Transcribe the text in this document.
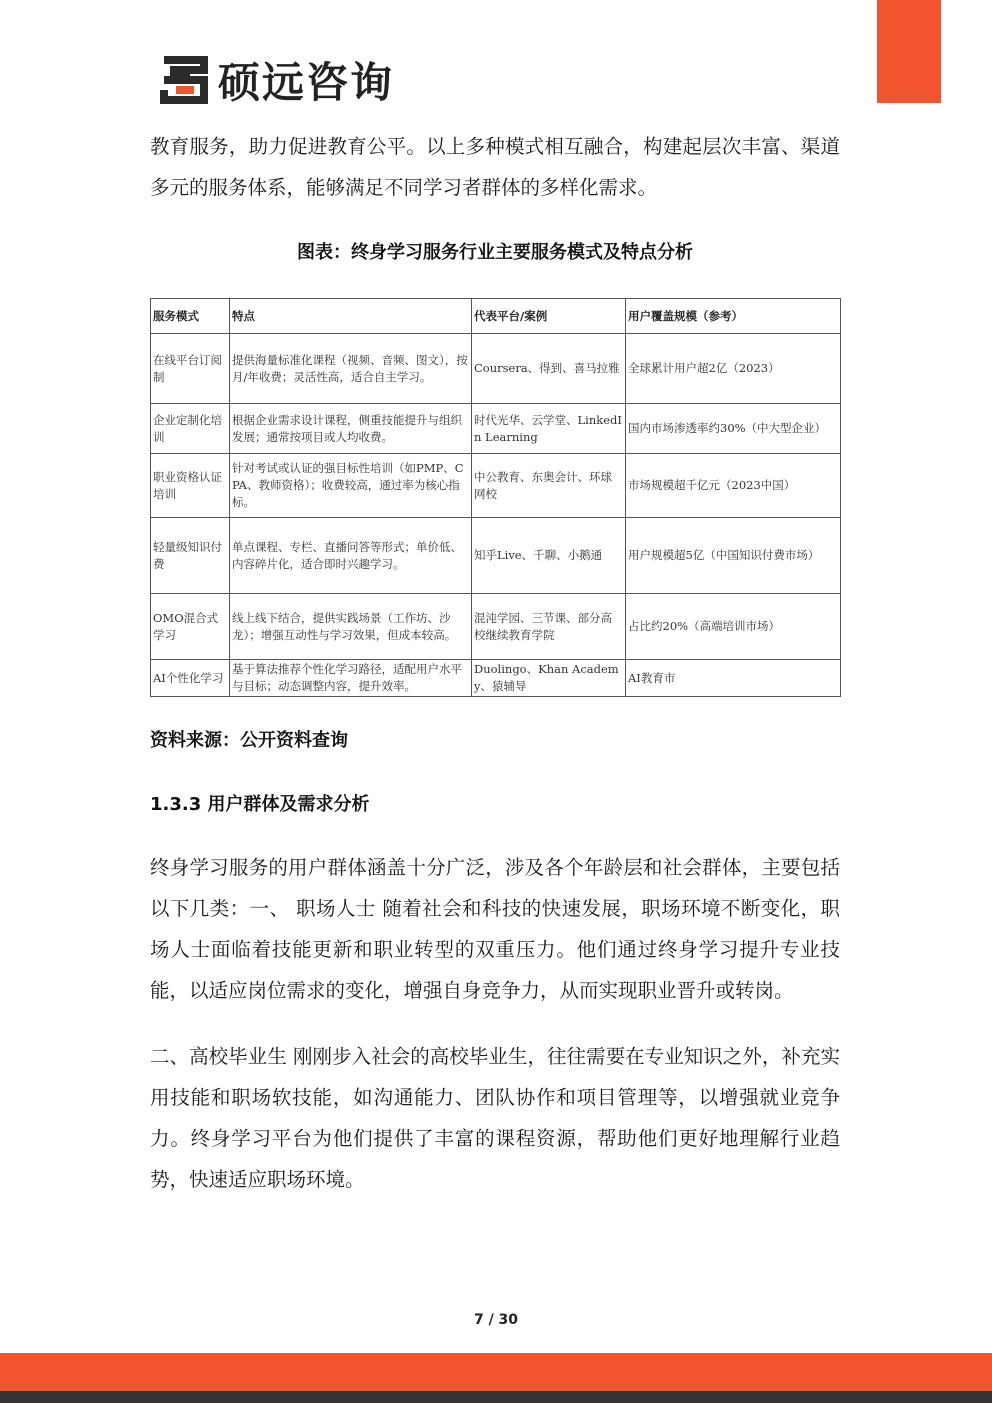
硕远咨询

教育服务，助力促进教育公平。以上多种模式相互融合，构建起层次丰富、渠道多元的服务体系，能够满足不同学习者群体的多样化需求。

图表：终身学习服务行业主要服务模式及特点分析
服务模式	特点	代表平台/案例	用户覆盖规模（参考）
在线平台订阅制	提供海量标准化课程（视频、音频、图文），按月/年收费；灵活性高，适合自主学习。	Coursera、得到、喜马拉雅	全球累计用户超2亿（2023）
企业定制化培训	根据企业需求设计课程，侧重技能提升与组织发展；通常按项目或人均收费。	时代光华、云学堂、LinkedIn Learning	国内市场渗透率约30%（中大型企业）
职业资格认证培训	针对考试或认证的强目标性培训（如PMP、CPA、教师资格）；收费较高，通过率为核心指标。	中公教育、东奥会计、环球网校	市场规模超千亿元（2023中国）
轻量级知识付费	单点课程、专栏、直播问答等形式；单价低、内容碎片化，适合即时兴趣学习。	知乎Live、千聊、小鹅通	用户规模超5亿（中国知识付费市场）
OMO混合式学习	线上线下结合，提供实践场景（工作坊、沙龙）；增强互动性与学习效果，但成本较高。	混沌学园、三节课、部分高校继续教育学院	占比约20%（高端培训市场）
AI个性化学习	基于算法推荐个性化学习路径，适配用户水平与目标；动态调整内容，提升效率。	Duolingo、Khan Academy、猿辅导	AI教育市
资料来源：公开资料查询
1.3.3 用户群体及需求分析

终身学习服务的用户群体涵盖十分广泛，涉及各个年龄层和社会群体，主要包括以下几类：一、 职场人士 随着社会和科技的快速发展，职场环境不断变化，职场人士面临着技能更新和职业转型的双重压力。他们通过终身学习提升专业技能，以适应岗位需求的变化，增强自身竞争力，从而实现职业晋升或转岗。

二、高校毕业生 刚刚步入社会的高校毕业生，往往需要在专业知识之外，补充实用技能和职场软技能，如沟通能力、团队协作和项目管理等，以增强就业竞争力。终身学习平台为他们提供了丰富的课程资源，帮助他们更好地理解行业趋势，快速适应职场环境。

7 / 30
